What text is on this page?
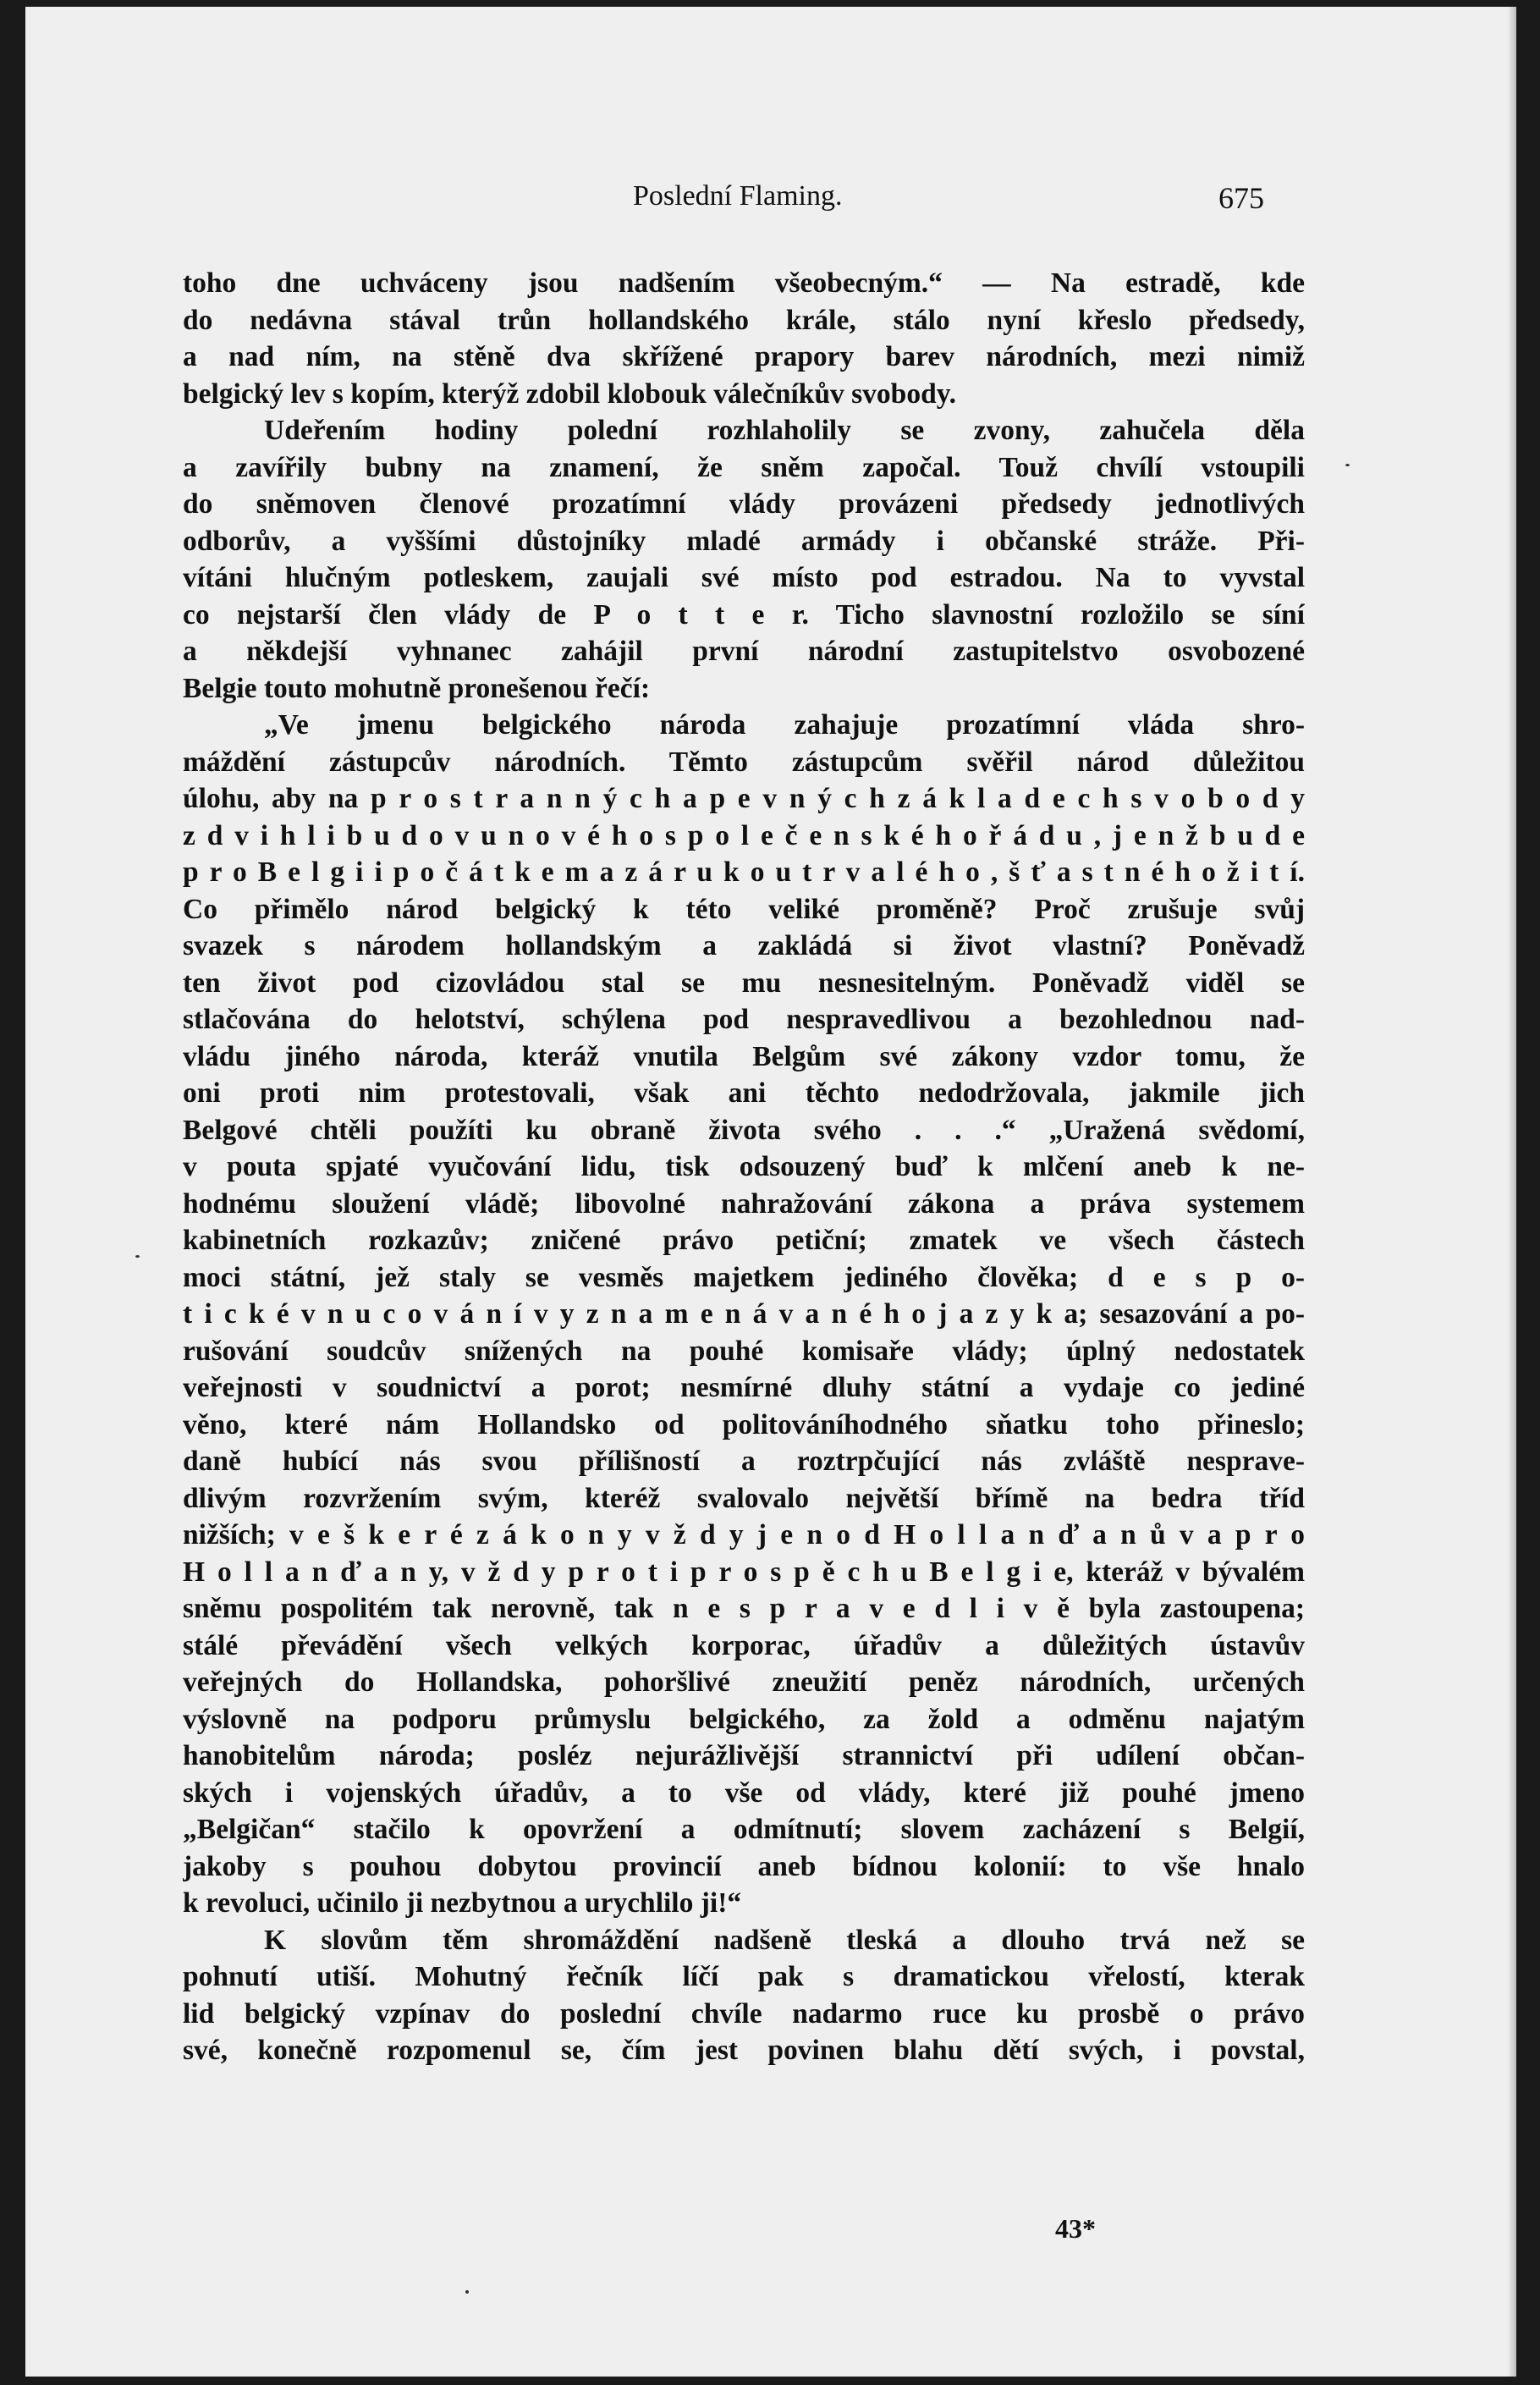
Poslední Flaming.	675
toho dne uchváceny jsou nadšením všeobecným.“ — Na estradě, kde
do nedávna stával trůn hollandského krále, stálo nyní křeslo předsedy,
a nad ním, na stěně dva skřížené prapory barev národních, mezi nimiž
belgický lev s kopím, kterýž zdobil klobouk válečníkův svobody.
Udeřením hodiny polední rozhlaholily se zvony, zahučela děla
a zavířily bubny na znamení, že sněm započal. Touž chvílí vstoupili
do sněmoven členové prozatímní vlády provázeni předsedy jednotlivých
odborův, a vyššími důstojníky mladé armády i občanské stráže. Při-
vítáni hlučným potleskem, zaujali své místo pod estradou. Na to vyvstal
co nejstarší člen vlády de P o t t e r. Ticho slavnostní rozložilo se síní
a někdejší vyhnanec zahájil první národní zastupitelstvo osvobozené
Belgie touto mohutně pronešenou řečí:
„Ve jmenu belgického národa zahajuje prozatímní vláda shro-
máždění zástupcův národních. Těmto zástupcům svěřil národ důležitou
úlohu, aby na p r o s t r a n n ý c h a p e v n ý c h z á k l a d e c h s v o b o d y
z d v i h l i b u d o v u n o v é h o s p o l e č e n s k é h o ř á d u , j e n ž b u d e
p r o B e l g i i p o č á t k e m a z á r u k o u t r v a l é h o , š ť a s t n é h o ž i t í.
Co přimělo národ belgický k této veliké proměně? Proč zrušuje svůj
svazek s národem hollandským a zakládá si život vlastní? Poněvadž
ten život pod cizovládou stal se mu nesnesitelným. Poněvadž viděl se
stlačována do helotství, schýlena pod nespravedlivou a bezohlednou nad-
vládu jiného národa, kteráž vnutila Belgům své zákony vzdor tomu, že
oni proti nim protestovali, však ani těchto nedodržovala, jakmile jich
Belgové chtěli použíti ku obraně života svého . . .“ „Uražená svědomí,
v pouta spjaté vyučování lidu, tisk odsouzený buď k mlčení aneb k ne-
hodnému sloužení vládě; libovolné nahražování zákona a práva systemem
kabinetních rozkazův; zničené právo petiční; zmatek ve všech částech
moci státní, jež staly se vesměs majetkem jediného člověka; d e s p o-
t i c k é v n u c o v á n í v y z n a m e n á v a n é h o j a z y k a; sesazování a po-
rušování soudcův snížených na pouhé komisaře vlády; úplný nedostatek
veřejnosti v soudnictví a porot; nesmírné dluhy státní a vydaje co jediné
věno, které nám Hollandsko od politováníhodného sňatku toho přineslo;
daně hubící nás svou přílišností a roztrpčující nás zvláště nesprave-
dlivým rozvržením svým, kteréž svalovalo největší břímě na bedra tříd
nižších; v e š k e r é z á k o n y v ž d y j e n o d H o l l a n ď a n ů v a p r o
H o l l a n ď a n y, v ž d y p r o t i p r o s p ě c h u B e l g i e, kteráž v bývalém
sněmu pospolitém tak nerovně, tak n e s p r a v e d l i v ě byla zastoupena;
stálé převádění všech velkých korporac, úřadův a důležitých ústavův
veřejných do Hollandska, pohoršlivé zneužití peněz národních, určených
výslovně na podporu průmyslu belgického, za žold a odměnu najatým
hanobitelům národa; posléz nejurážlivější strannictví při udílení občan-
ských i vojenských úřadův, a to vše od vlády, které již pouhé jmeno
„Belgičan“ stačilo k opovržení a odmítnutí; slovem zacházení s Belgií,
jakoby s pouhou dobytou provincií aneb bídnou kolonií: to vše hnalo
k revoluci, učinilo ji nezbytnou a urychlilo ji!“
K slovům těm shromáždění nadšeně tleská a dlouho trvá než se
pohnutí utiší. Mohutný řečník líčí pak s dramatickou vřelostí, kterak
lid belgický vzpínav do poslední chvíle nadarmo ruce ku prosbě o právo
své, konečně rozpomenul se, čím jest povinen blahu dětí svých, i povstal,
43*
